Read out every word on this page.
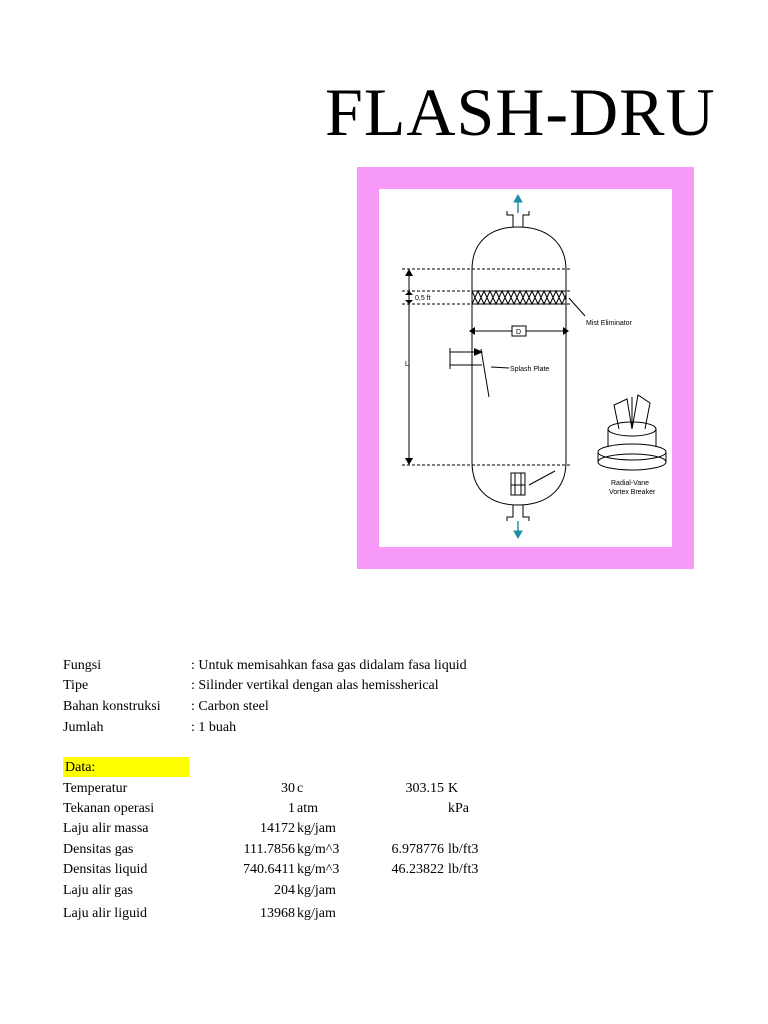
FLASH-DRU
0,5 ft
D
L
Mist Eliminator
Splash Plate
Radial-Vane
Vortex Breaker
Fungsi	: Untuk memisahkan fasa gas didalam fasa liquid
Tipe	: Silinder vertikal dengan alas hemissherical
Bahan konstruksi : Carbon steel
Jumlah	: 1 buah
Data:
Temperatur	30 c	303.15 K
Tekanan operasi	1 atm	kPa
Laju alir massa	14172 kg/jam
Densitas gas	111.7856 kg/m^3	6.978776 lb/ft3
Densitas liquid	740.6411 kg/m^3	46.23822 lb/ft3
Laju alir gas	204 kg/jam
Laju alir liguid	13968 kg/jam
